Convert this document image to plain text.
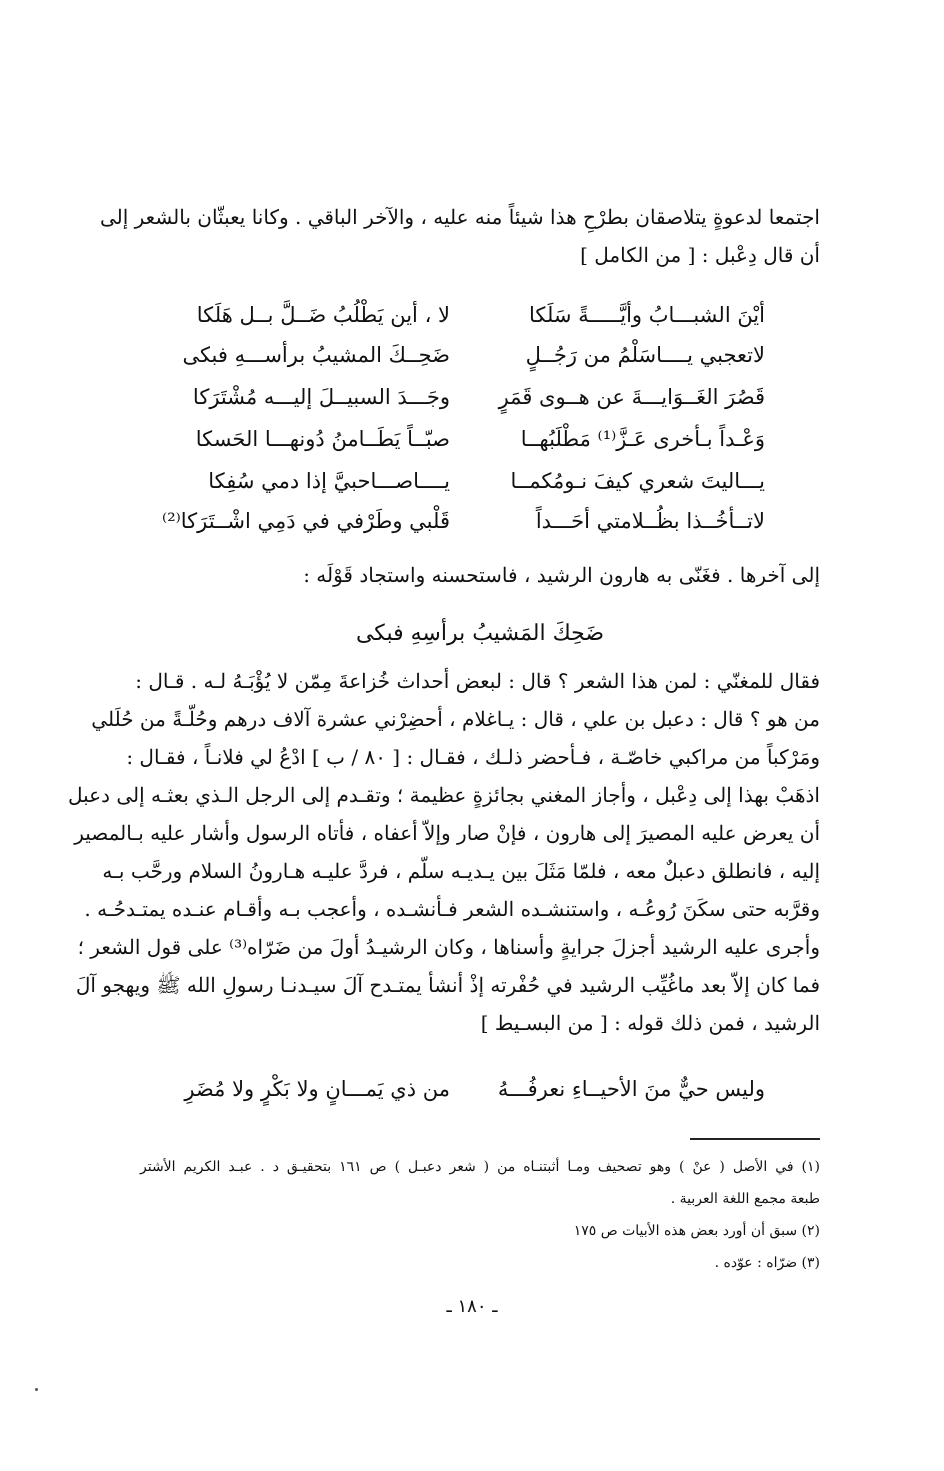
اجتمعا لدعوةٍ يتلاصقان بطرْحِ هذا شيئاً منه عليه ، والآخر الباقي . وكانا يعبثّان بالشعر إلى
أن قال دِعْبل : [ من الكامل ]
أيْنَ الشبـــابُ وأيَّـــــةً سَلَكا
لا ، أين يَطْلُبُ ضَــلَّ بــل هَلَكا
لاتعجبي يــــاسَلْمُ من رَجُــلٍ
ضَحِــكَ المشيبُ برأســـهِ فبكى
قَصُرَ الغَــوَايـــةَ عن هــوى قَمَرٍ
وجَـــدَ السبيــلَ إليـــه مُشْتَرَكا
وَعْـداً بـأخرى عَـزَّ⁽¹⁾ مَطْلَبُهــا
صبّــاً يَطَــامنُ دُونهـــا الحَسكا
يـــاليتَ شعري كيفَ نـومُكمــا
يــــاصـــاحبيَّ إذا دمي سُفِكا
لاتــأخُــذا بظُــلامتي أحَـــداً
قَلْبي وطَرْفي في دَمِي اشْــتَرَكا⁽²⁾
إلى آخرها . فغَنّى به هارون الرشيد ، فاستحسنه واستجاد قَوْلَه :
ضَحِكَ المَشيبُ برأسِهِ فبكى
فقال للمغنّي : لمن هذا الشعر ؟ قال : لبعض أحداث خُزاعةَ مِمّن لا يُؤْبَـهُ لـه . قـال :
من هو ؟ قال : دعبل بن علي ، قال : يـاغلام ، أحضِرْني عشرة آلاف درهم وحُلّـةً من حُلَلي
ومَرْكباً من مراكبي خاصّـة ، فـأحضر ذلـك ، فقـال : [ ٨٠ / ب ] ادْعُ لي فلانـاً ، فقـال :
اذهَبْ بهذا إلى دِعْبل ، وأجاز المغني بجائزةٍ عظيمة ؛ وتقـدم إلى الرجل الـذي بعثـه إلى دعبل
أن يعرض عليه المصيرَ إلى هارون ، فإنْ صار وإلاّ أعفاه ، فأتاه الرسول وأشار عليه بـالمصير
إليه ، فانطلق دعبلٌ معه ، فلمّا مَثَلَ بين يـديـه سلّم ، فردَّ عليـه هـارونُ السلام ورحَّب بـه
وقرَّبه حتى سكَنَ رُوعُـه ، واستنشـده الشعر فـأنشـده ، وأعجب بـه وأقـام عنـده يمتـدحُـه .
وأجرى عليه الرشيد أجزلَ جرايةٍ وأسناها ، وكان الرشيـدُ أولَ من ضَرّاه⁽³⁾ على قول الشعر ؛
فما كان إلاّ بعد ماغُيِّب الرشيد في حُفْرته إذْ أنشأ يمتـدح آلَ سيـدنـا رسولِ الله ﷺ ويهجو آلَ
الرشيد ، فمن ذلك قوله : [ من البسـيط ]
وليس حيٌّ منَ الأحيــاءِ نعرفُـــهُ
من ذي يَمـــانٍ ولا بَكْرٍ ولا مُضَرِ
(١) في الأصل ( عنْ ) وهو تصحيف ومـا أثبتنـاه من ( شعر دعبـل ) ص ١٦١ بتحقيـق د . عبـد الكريم الأشتر
طبعة مجمع اللغة العربية .
(٢) سبق أن أورد بعض هذه الأبيات ص ١٧٥
(٣) ضرّاه : عوّده .
ـ ١٨٠ ـ
